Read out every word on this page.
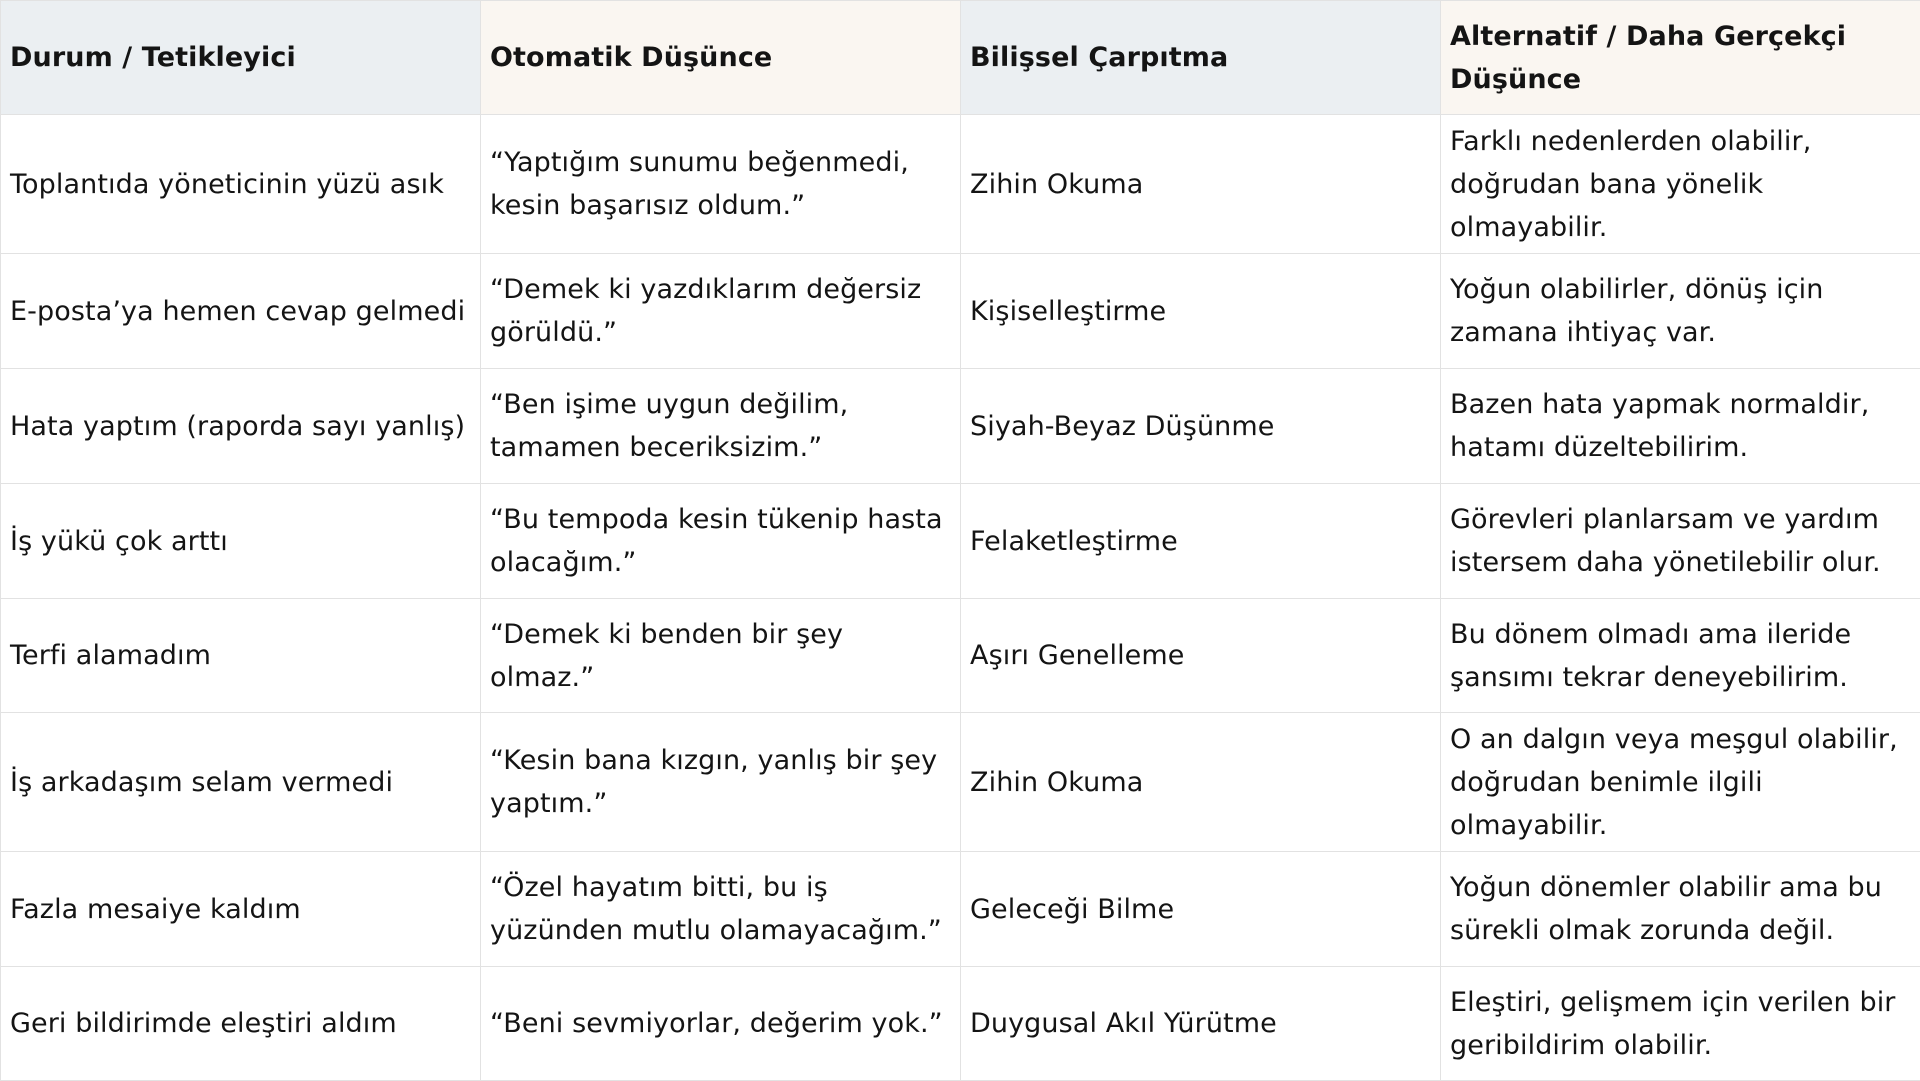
Durum / Tetikleyici	Otomatik Düşünce	Bilişsel Çarpıtma	Alternatif / Daha Gerçekçi Düşünce
Toplantıda yöneticinin yüzü asık	“Yaptığım sunumu beğenmedi, kesin başarısız oldum.”	Zihin Okuma	Farklı nedenlerden olabilir, doğrudan bana yönelik olmayabilir.
E-posta’ya hemen cevap gelmedi	“Demek ki yazdıklarım değersiz görüldü.”	Kişiselleştirme	Yoğun olabilirler, dönüş için zamana ihtiyaç var.
Hata yaptım (raporda sayı yanlış)	“Ben işime uygun değilim, tamamen beceriksizim.”	Siyah-Beyaz Düşünme	Bazen hata yapmak normaldir, hatamı düzeltebilirim.
İş yükü çok arttı	“Bu tempoda kesin tükenip hasta olacağım.”	Felaketleştirme	Görevleri planlarsam ve yardım istersem daha yönetilebilir olur.
Terfi alamadım	“Demek ki benden bir şey olmaz.”	Aşırı Genelleme	Bu dönem olmadı ama ileride şansımı tekrar deneyebilirim.
İş arkadaşım selam vermedi	“Kesin bana kızgın, yanlış bir şey yaptım.”	Zihin Okuma	O an dalgın veya meşgul olabilir, doğrudan benimle ilgili olmayabilir.
Fazla mesaiye kaldım	“Özel hayatım bitti, bu iş yüzünden mutlu olamayacağım.”	Geleceği Bilme	Yoğun dönemler olabilir ama bu sürekli olmak zorunda değil.
Geri bildirimde eleştiri aldım	“Beni sevmiyorlar, değerim yok.”	Duygusal Akıl Yürütme	Eleştiri, gelişmem için verilen bir geribildirim olabilir.
